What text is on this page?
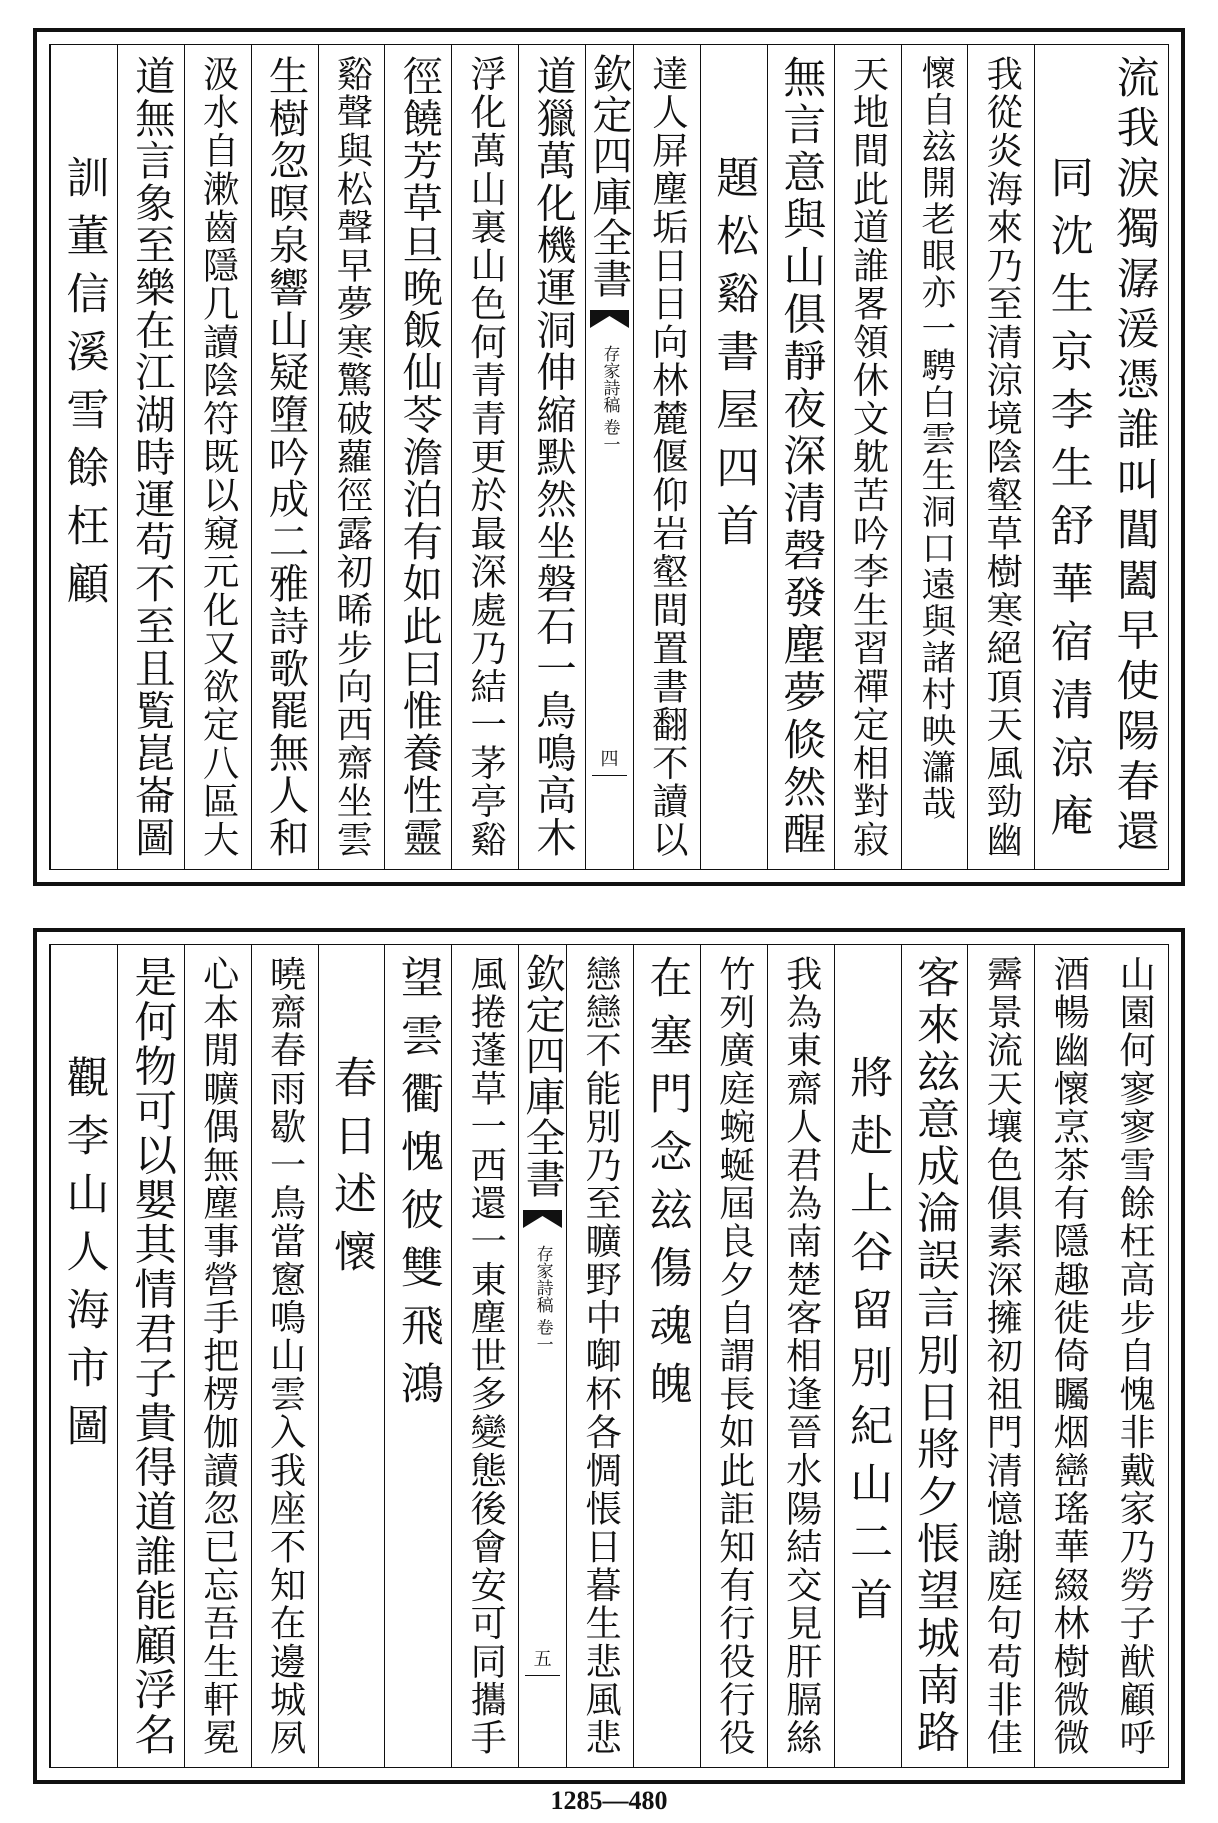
流我淚獨潺湲憑誰叫閶闔早使陽春還
同沈生京李生舒華宿清涼庵
我從炎海來乃至清涼境陰壑草樹寒絕頂天風勁幽
懷自玆開老眼亦一騁白雲生洞口遠與諸村映𤄙哉
天地間此道誰畧領休文躭苦吟李生習禪定相對寂
無言意與山俱靜夜深清磬發塵夢倐然醒
題松谿書屋四首
達人屏塵垢日日向林麓偃仰岩壑間置書翻不讀以
欽定四庫全書
存家詩稿 卷一
四
道獵萬化機運洞伸縮默然坐磐石一鳥鳴高木
浮化萬山裏山色何青青更於最深處乃結一茅亭谿
徑饒芳草旦晚飯仙苓澹泊有如此曰惟養性靈
谿聲與松聲早夢寒驚破蘿徑露初晞步向西齋坐雲
生樹忽暝泉響山疑墮吟成二雅詩歌罷無人和
汲水自漱齒隱几讀陰符既以窺元化又欲定八區大
道無言象至樂在江湖時運苟不至且覧崑崙圖
訓董信溪雪餘枉顧
山園何寥寥雪餘枉高步自愧非戴家乃勞子猷顧呼
酒暢幽懷烹茶有隱趣徙倚矚烟巒瑤華綴林樹微微
霽景流天壤色俱素深擁初祖門清憶謝庭句苟非佳
客來玆意成淪誤言別日將夕悵望城南路
將赴上谷留別紀山二首
我為東齋人君為南楚客相逢晉水陽結交見肝膈絲
竹列廣庭蜿蜒屆良夕自謂長如此詎知有行役行役
在塞門念玆傷魂魄
戀戀不能別乃至曠野中啣杯各惆悵日暮生悲風悲
欽定四庫全書
存家詩稿 卷一
五
風捲蓬草一西還一東塵世多變態後會安可同攜手
望雲衢愧彼雙飛鴻
春日述懷
曉齋春雨歇一鳥當窻鳴山雲入我座不知在邊城夙
心本閒曠偶無塵事營手把楞伽讀忽已忘吾生軒冕
是何物可以嬰其情君子貴得道誰能顧浮名
觀李山人海市圖
1285—480
